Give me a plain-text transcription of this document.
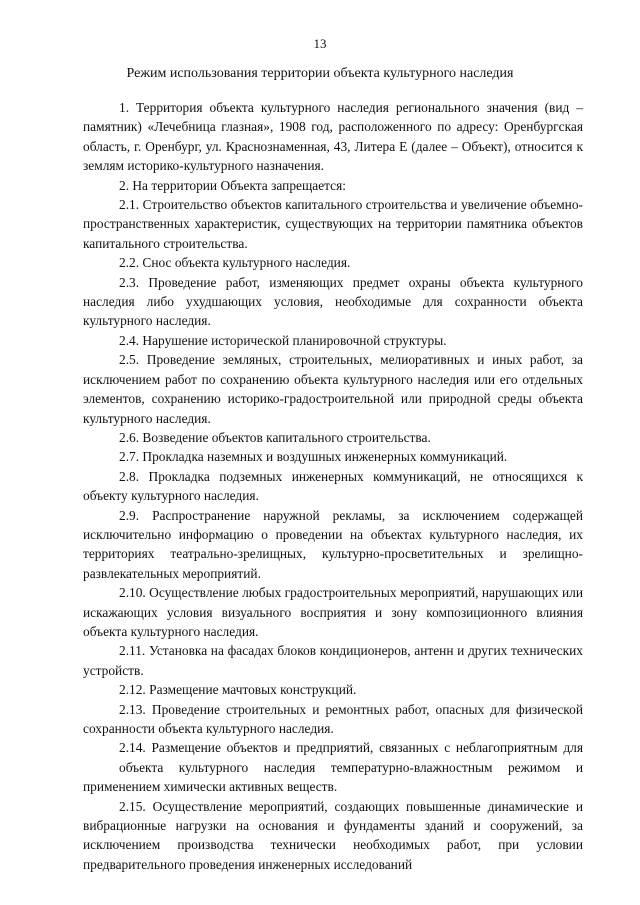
13
Режим использования территории объекта культурного наследия

1. Территория объекта культурного наследия регионального значения (вид – памятник) «Лечебница глазная», 1908 год, расположенного по адресу: Оренбургская область, г. Оренбург, ул. Краснознаменная, 43, Литера Е (далее – Объект), относится к землям историко-культурного назначения.

2. На территории Объекта запрещается:

2.1. Строительство объектов капитального строительства и увеличение объемно-пространственных характеристик, существующих на территории памятника объектов капитального строительства.

2.2. Снос объекта культурного наследия.

2.3. Проведение работ, изменяющих предмет охраны объекта культурного наследия либо ухудшающих условия, необходимые для сохранности объекта культурного наследия.

2.4. Нарушение исторической планировочной структуры.

2.5. Проведение земляных, строительных, мелиоративных и иных работ, за исключением работ по сохранению объекта культурного наследия или его отдельных элементов, сохранению историко-градостроительной или природной среды объекта культурного наследия.

2.6. Возведение объектов капитального строительства.

2.7. Прокладка наземных и воздушных инженерных коммуникаций.

2.8. Прокладка подземных инженерных коммуникаций, не относящихся к объекту культурного наследия.

2.9. Распространение наружной рекламы, за исключением содержащей исключительно информацию о проведении на объектах культурного наследия, их территориях театрально-зрелищных, культурно-просветительных и зрелищно-развлекательных мероприятий.

2.10. Осуществление любых градостроительных мероприятий, нарушающих или искажающих условия визуального восприятия и зону композиционного влияния объекта культурного наследия.

2.11. Установка на фасадах блоков кондиционеров, антенн и других технических устройств.

2.12. Размещение мачтовых конструкций.

2.13. Проведение строительных и ремонтных работ, опасных для физической сохранности объекта культурного наследия.

2.14. Размещение объектов и предприятий, связанных с неблагоприятным для

объекта культурного наследия температурно-влажностным режимом и применением химически активных веществ.

2.15. Осуществление мероприятий, создающих повышенные динамические и вибрационные нагрузки на основания и фундаменты зданий и сооружений, за исключением производства технически необходимых работ, при условии предварительного проведения инженерных исследований
